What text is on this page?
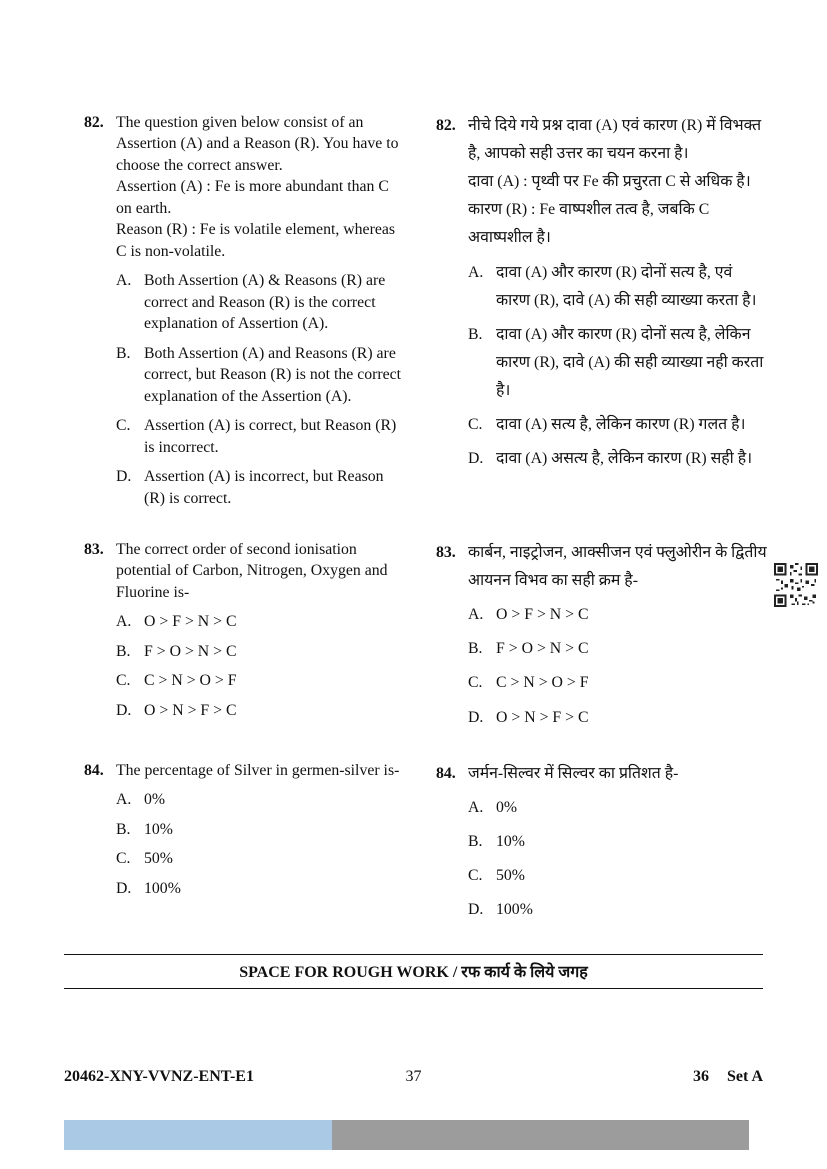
82. The question given below consist of an Assertion (A) and a Reason (R). You have to choose the correct answer.

Assertion (A) : Fe is more abundant than C on earth.

Reason (R) : Fe is volatile element, whereas C is non-volatile.

A. Both Assertion (A) & Reasons (R) are correct and Reason (R) is the correct explanation of Assertion (A).
B. Both Assertion (A) and Reasons (R) are correct, but Reason (R) is not the correct explanation of the Assertion (A).
C. Assertion (A) is correct, but Reason (R) is incorrect.
D. Assertion (A) is incorrect, but Reason (R) is correct.
82. नीचे दिये गये प्रश्न दावा (A) एवं कारण (R) में विभक्त है, आपको सही उत्तर का चयन करना है।

दावा (A) : पृथ्वी पर Fe की प्रचुरता C से अधिक है।

कारण (R) : Fe वाष्पशील तत्व है, जबकि C अवाष्पशील है।

A. दावा (A) और कारण (R) दोनों सत्य है, एवं कारण (R), दावे (A) की सही व्याख्या करता है।
B. दावा (A) और कारण (R) दोनों सत्य है, लेकिन कारण (R), दावे (A) की सही व्याख्या नही करता है।
C. दावा (A) सत्य है, लेकिन कारण (R) गलत है।
D. दावा (A) असत्य है, लेकिन कारण (R) सही है।
83. The correct order of second ionisation potential of Carbon, Nitrogen, Oxygen and Fluorine is-

A. O > F > N > C
B. F > O > N > C
C. C > N > O > F
D. O > N > F > C
83. कार्बन, नाइट्रोजन, आक्सीजन एवं फ्लुओरीन के द्वितीय आयनन विभव का सही क्रम है-

A. O > F > N > C
B. F > O > N > C
C. C > N > O > F
D. O > N > F > C
84. The percentage of Silver in germen-silver is-

A. 0%
B. 10%
C. 50%
D. 100%
84. जर्मन-सिल्वर में सिल्वर का प्रतिशत है-

A. 0%
B. 10%
C. 50%
D. 100%
SPACE FOR ROUGH WORK / रफ कार्य के लिये जगह
20462-XNY-VVNZ-ENT-E1	37	36 Set A
